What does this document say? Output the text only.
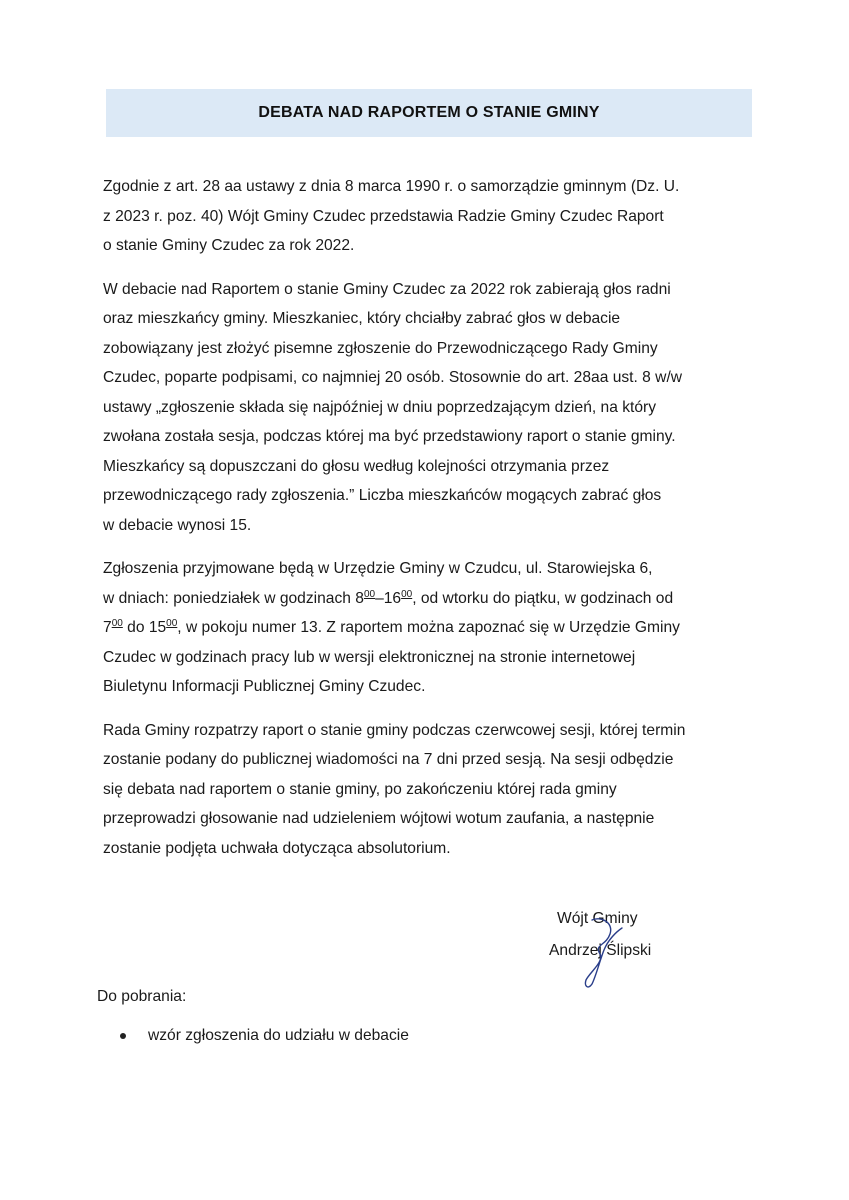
DEBATA NAD RAPORTEM O STANIE GMINY

Zgodnie z art. 28 aa ustawy z dnia 8 marca 1990 r. o samorządzie gminnym (Dz. U.
z 2023 r. poz. 40) Wójt Gminy Czudec przedstawia Radzie Gminy Czudec Raport
o stanie Gminy Czudec za rok 2022.

W debacie nad Raportem o stanie Gminy Czudec za 2022 rok zabierają głos radni
oraz mieszkańcy gminy. Mieszkaniec, który chciałby zabrać głos w debacie
zobowiązany jest złożyć pisemne zgłoszenie do Przewodniczącego Rady Gminy
Czudec, poparte podpisami, co najmniej 20 osób. Stosownie do art. 28aa ust. 8 w/w
ustawy „zgłoszenie składa się najpóźniej w dniu poprzedzającym dzień, na który
zwołana została sesja, podczas której ma być przedstawiony raport o stanie gminy.
Mieszkańcy są dopuszczani do głosu według kolejności otrzymania przez
przewodniczącego rady zgłoszenia.” Liczba mieszkańców mogących zabrać głos
w debacie wynosi 15.

Zgłoszenia przyjmowane będą w Urzędzie Gminy w Czudcu, ul. Starowiejska 6,
w dniach: poniedziałek w godzinach $8^{00}-16^{00}$, od wtorku do piątku, w godzinach od
$7^{00}$ do $15^{00}$, w pokoju numer 13. Z raportem można zapoznać się w Urzędzie Gminy
Czudec w godzinach pracy lub w wersji elektronicznej na stronie internetowej
Biuletynu Informacji Publicznej Gminy Czudec.

Rada Gminy rozpatrzy raport o stanie gminy podczas czerwcowej sesji, której termin
zostanie podany do publicznej wiadomości na 7 dni przed sesją. Na sesji odbędzie
się debata nad raportem o stanie gminy, po zakończeniu której rada gminy
przeprowadzi głosowanie nad udzieleniem wójtowi wotum zaufania, a następnie
zostanie podjęta uchwała dotycząca absolutorium.

Wójt Gminy
Andrzej Ślipski
Do pobrania:
wzór zgłoszenia do udziału w debacie
